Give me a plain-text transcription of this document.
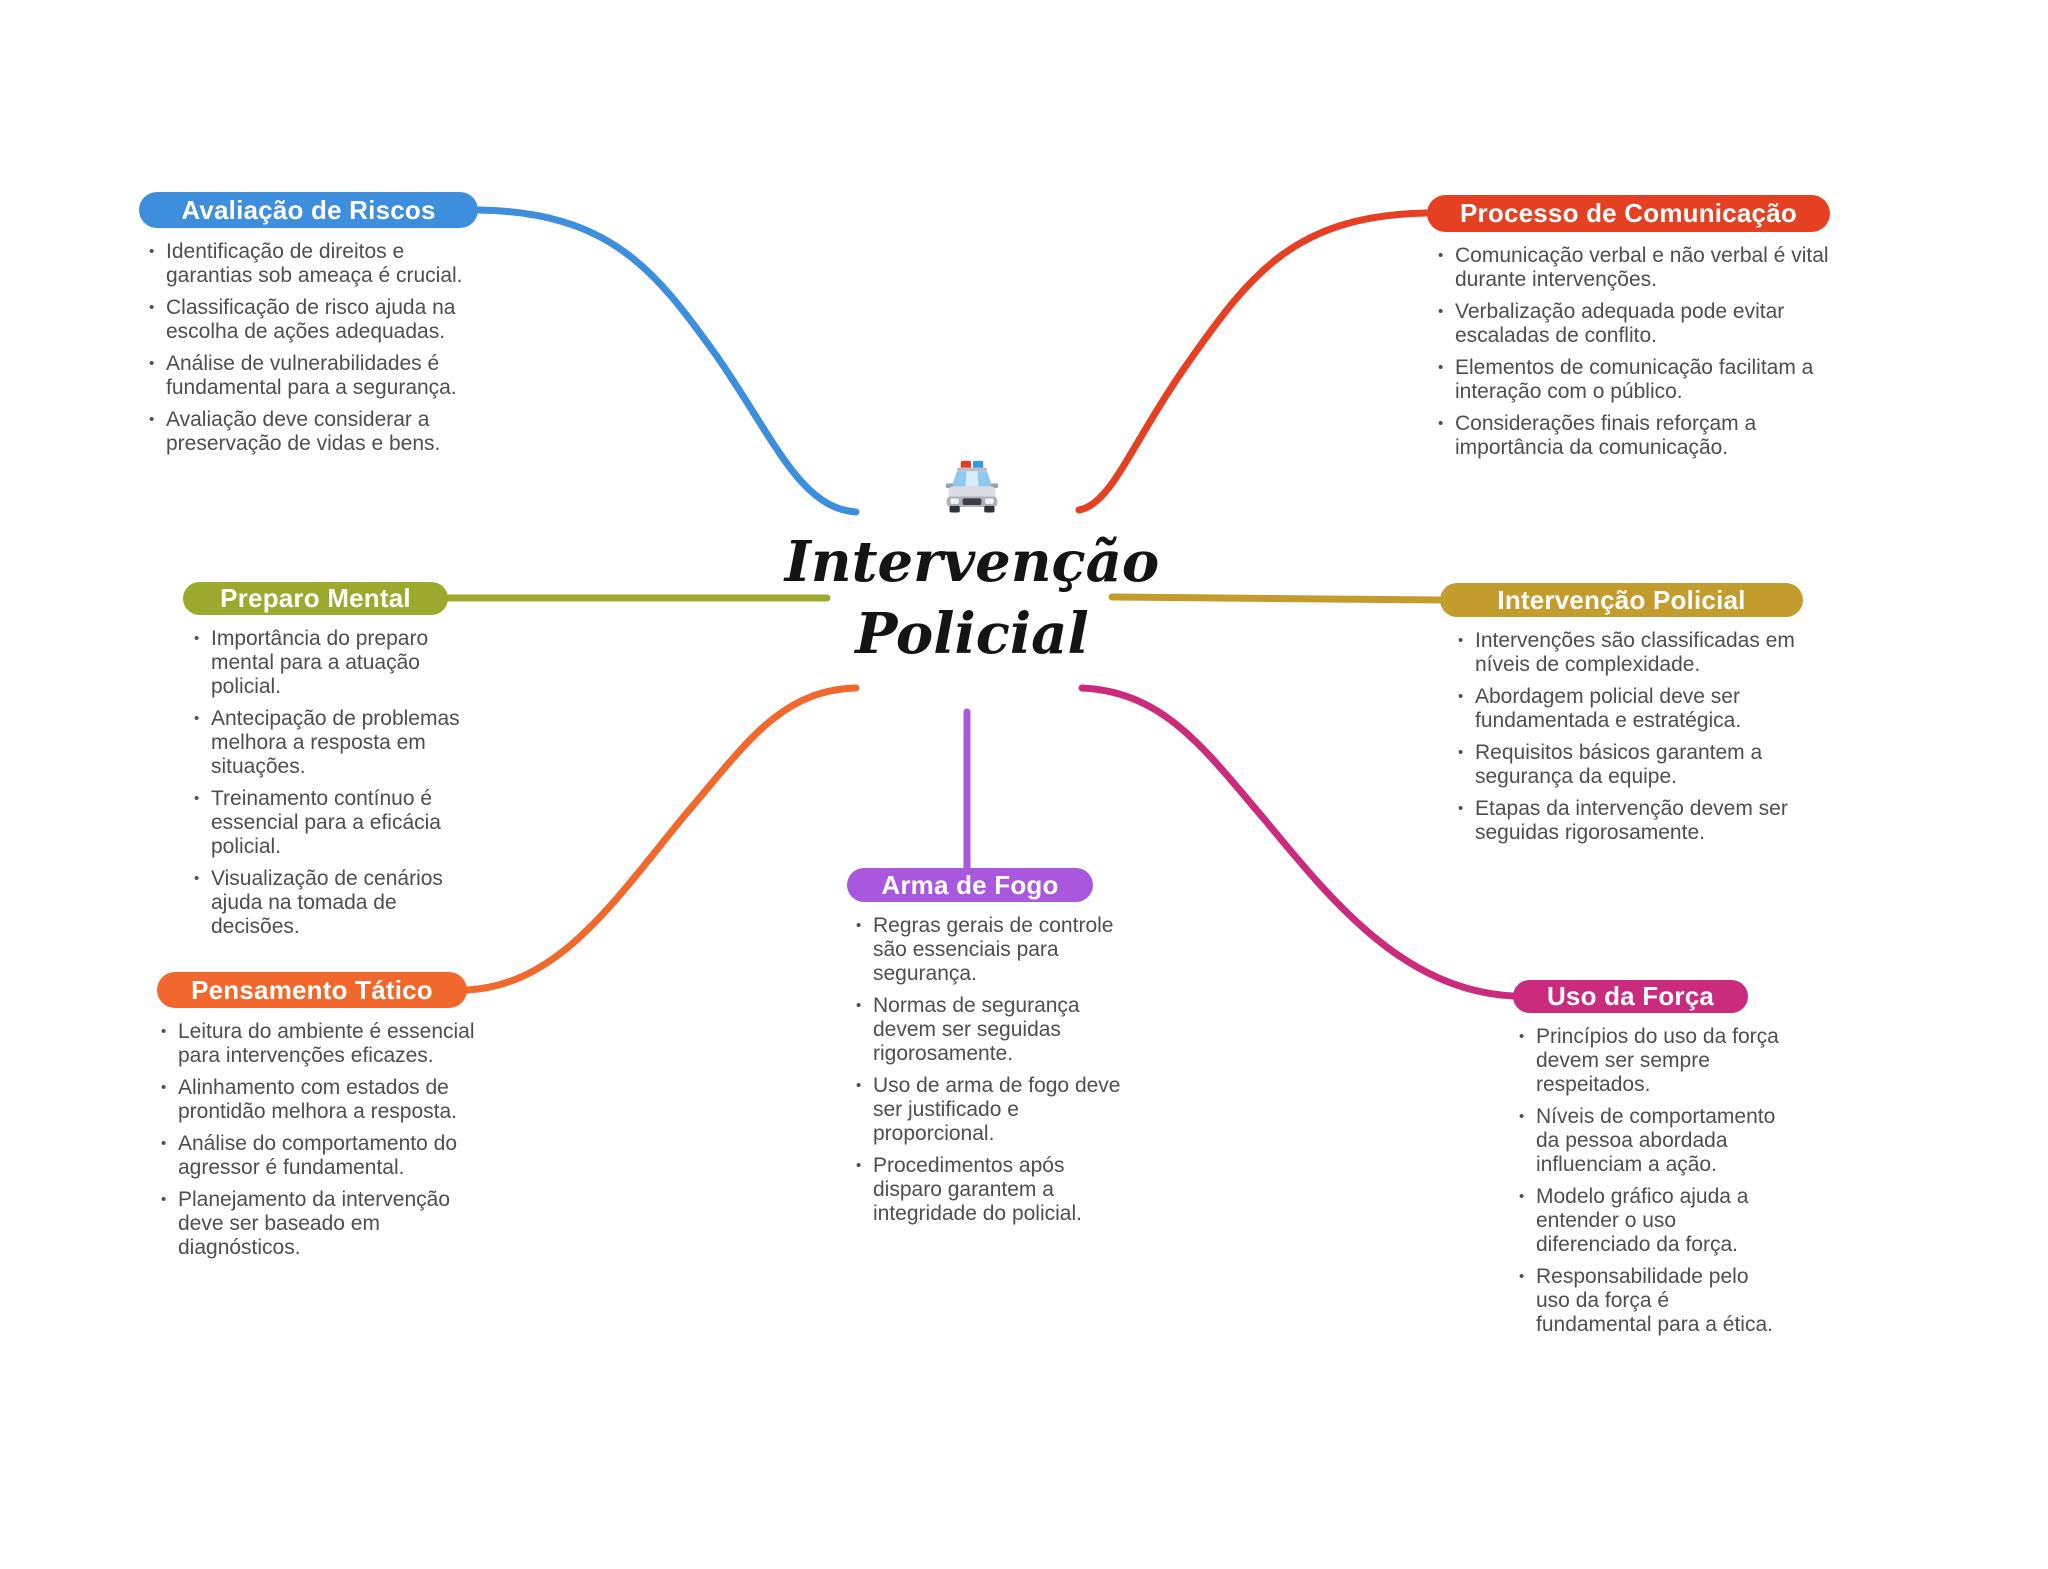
Intervenção
Policial
Avaliação de Riscos
• Identificação de direitos e garantias sob ameaça é crucial.
• Classificação de risco ajuda na escolha de ações adequadas.
• Análise de vulnerabilidades é fundamental para a segurança.
• Avaliação deve considerar a preservação de vidas e bens.
Processo de Comunicação
• Comunicação verbal e não verbal é vital durante intervenções.
• Verbalização adequada pode evitar escaladas de conflito.
• Elementos de comunicação facilitam a interação com o público.
• Considerações finais reforçam a importância da comunicação.
Preparo Mental
• Importância do preparo mental para a atuação policial.
• Antecipação de problemas melhora a resposta em situações.
• Treinamento contínuo é essencial para a eficácia policial.
• Visualização de cenários ajuda na tomada de decisões.
Intervenção Policial
• Intervenções são classificadas em níveis de complexidade.
• Abordagem policial deve ser fundamentada e estratégica.
• Requisitos básicos garantem a segurança da equipe.
• Etapas da intervenção devem ser seguidas rigorosamente.
Pensamento Tático
• Leitura do ambiente é essencial para intervenções eficazes.
• Alinhamento com estados de prontidão melhora a resposta.
• Análise do comportamento do agressor é fundamental.
• Planejamento da intervenção deve ser baseado em diagnósticos.
Arma de Fogo
• Regras gerais de controle são essenciais para segurança.
• Normas de segurança devem ser seguidas rigorosamente.
• Uso de arma de fogo deve ser justificado e proporcional.
• Procedimentos após disparo garantem a integridade do policial.
Uso da Força
• Princípios do uso da força devem ser sempre respeitados.
• Níveis de comportamento da pessoa abordada influenciam a ação.
• Modelo gráfico ajuda a entender o uso diferenciado da força.
• Responsabilidade pelo uso da força é fundamental para a ética.
